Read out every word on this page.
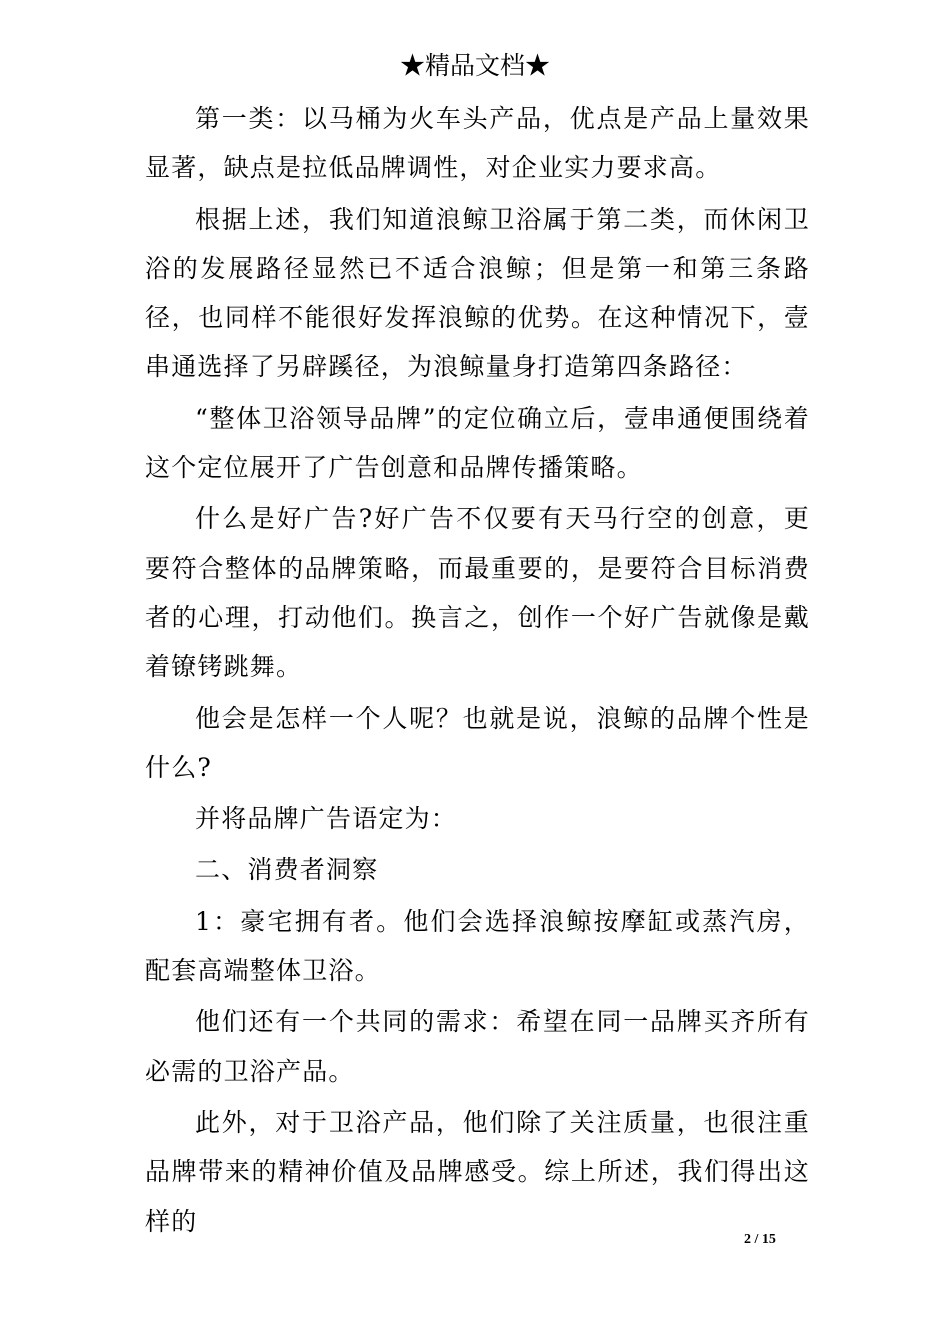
★精品文档★

第一类：以马桶为火车头产品，优点是产品上量效果显著，缺点是拉低品牌调性，对企业实力要求高。

根据上述，我们知道浪鲸卫浴属于第二类，而休闲卫浴的发展路径显然已不适合浪鲸；但是第一和第三条路径，也同样不能很好发挥浪鲸的优势。在这种情况下，壹串通选择了另辟蹊径，为浪鲸量身打造第四条路径：

“整体卫浴领导品牌”的定位确立后，壹串通便围绕着这个定位展开了广告创意和品牌传播策略。

什么是好广告?好广告不仅要有天马行空的创意，更要符合整体的品牌策略，而最重要的，是要符合目标消费者的心理，打动他们。换言之，创作一个好广告就像是戴着镣铐跳舞。

他会是怎样一个人呢？也就是说，浪鲸的品牌个性是什么?

并将品牌广告语定为：

二、消费者洞察

1：豪宅拥有者。他们会选择浪鲸按摩缸或蒸汽房，配套高端整体卫浴。

他们还有一个共同的需求：希望在同一品牌买齐所有必需的卫浴产品。

此外，对于卫浴产品，他们除了关注质量，也很注重品牌带来的精神价值及品牌感受。综上所述，我们得出这样的

2 / 15
